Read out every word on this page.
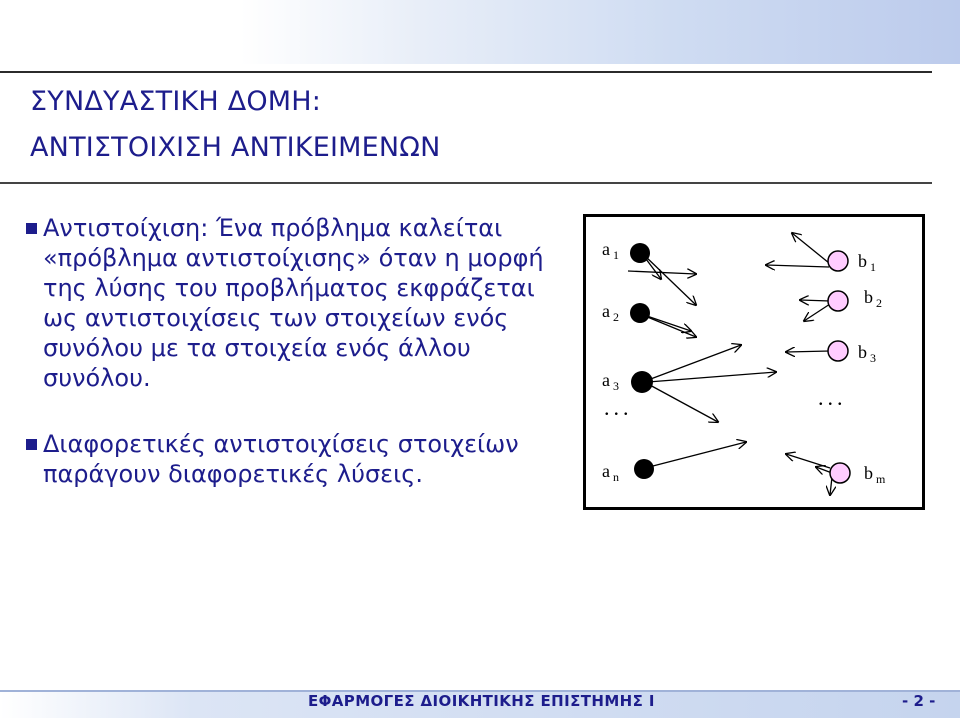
ΣΥΝΔΥΑΣΤΙΚΗ ΔΟΜΗ:
ΑΝΤΙΣΤΟΙΧΙΣΗ ΑΝΤΙΚΕΙΜΕΝΩΝ
Αντιστοίχιση: Ένα πρόβλημα καλείται
«πρόβλημα αντιστοίχισης» όταν η μορφή
της λύσης του προβλήματος εκφράζεται
ως αντιστοιχίσεις των στοιχείων ενός
συνόλου με τα στοιχεία ενός άλλου
συνόλου.
Διαφορετικές αντιστοιχίσεις στοιχείων
παράγουν διαφορετικές λύσεις.
a $_1$
a $_2$
a $_3$
a $_n$
b $_1$
b $_2$
b $_3$
b $_m$
...	...
ΕΦΑΡΜΟΓΕΣ ΔΙΟΙΚΗΤΙΚΗΣ ΕΠΙΣΤΗΜΗΣ Ι	- 2 -
